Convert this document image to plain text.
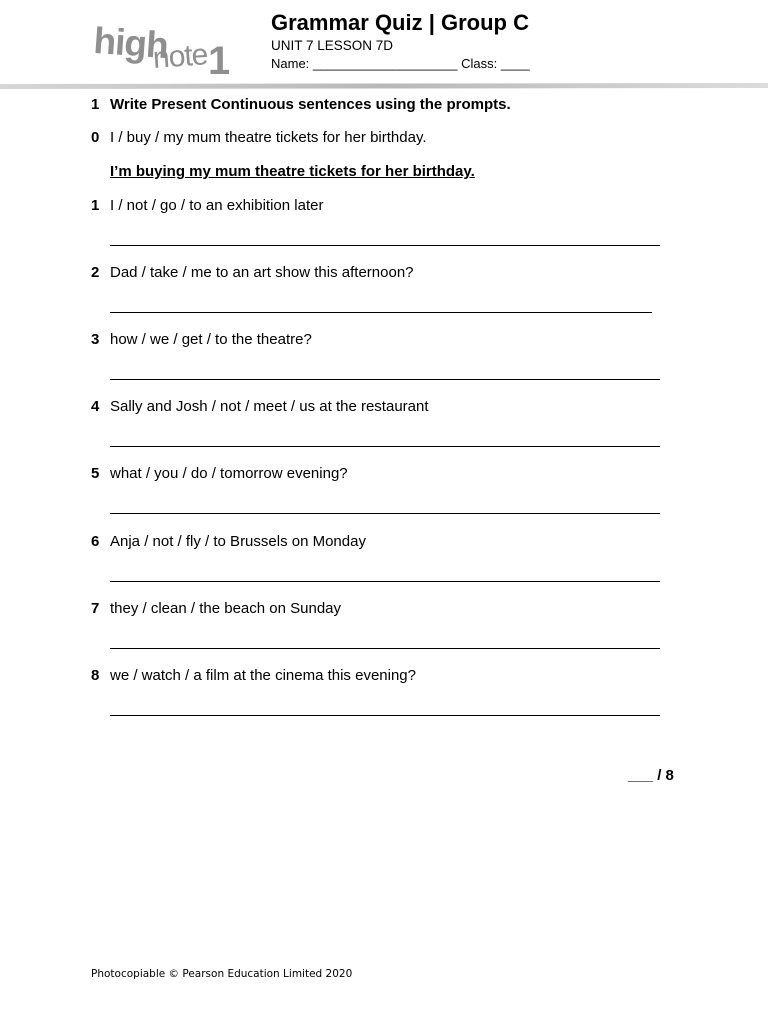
high
note 1
Grammar Quiz | Group C
UNIT 7 LESSON 7D
Name: ____________________ Class: ____
1 Write Present Continuous sentences using the prompts.
0 I / buy / my mum theatre tickets for her birthday.
I’m buying my mum theatre tickets for her birthday.
1 I / not / go / to an exhibition later
2 Dad / take / me to an art show this afternoon?
3 how / we / get / to the theatre?
4 Sally and Josh / not / meet / us at the restaurant
5 what / you / do / tomorrow evening?
6 Anja / not / fly / to Brussels on Monday
7 they / clean / the beach on Sunday
8 we / watch / a film at the cinema this evening?
___ / 8
Photocopiable © Pearson Education Limited 2020
